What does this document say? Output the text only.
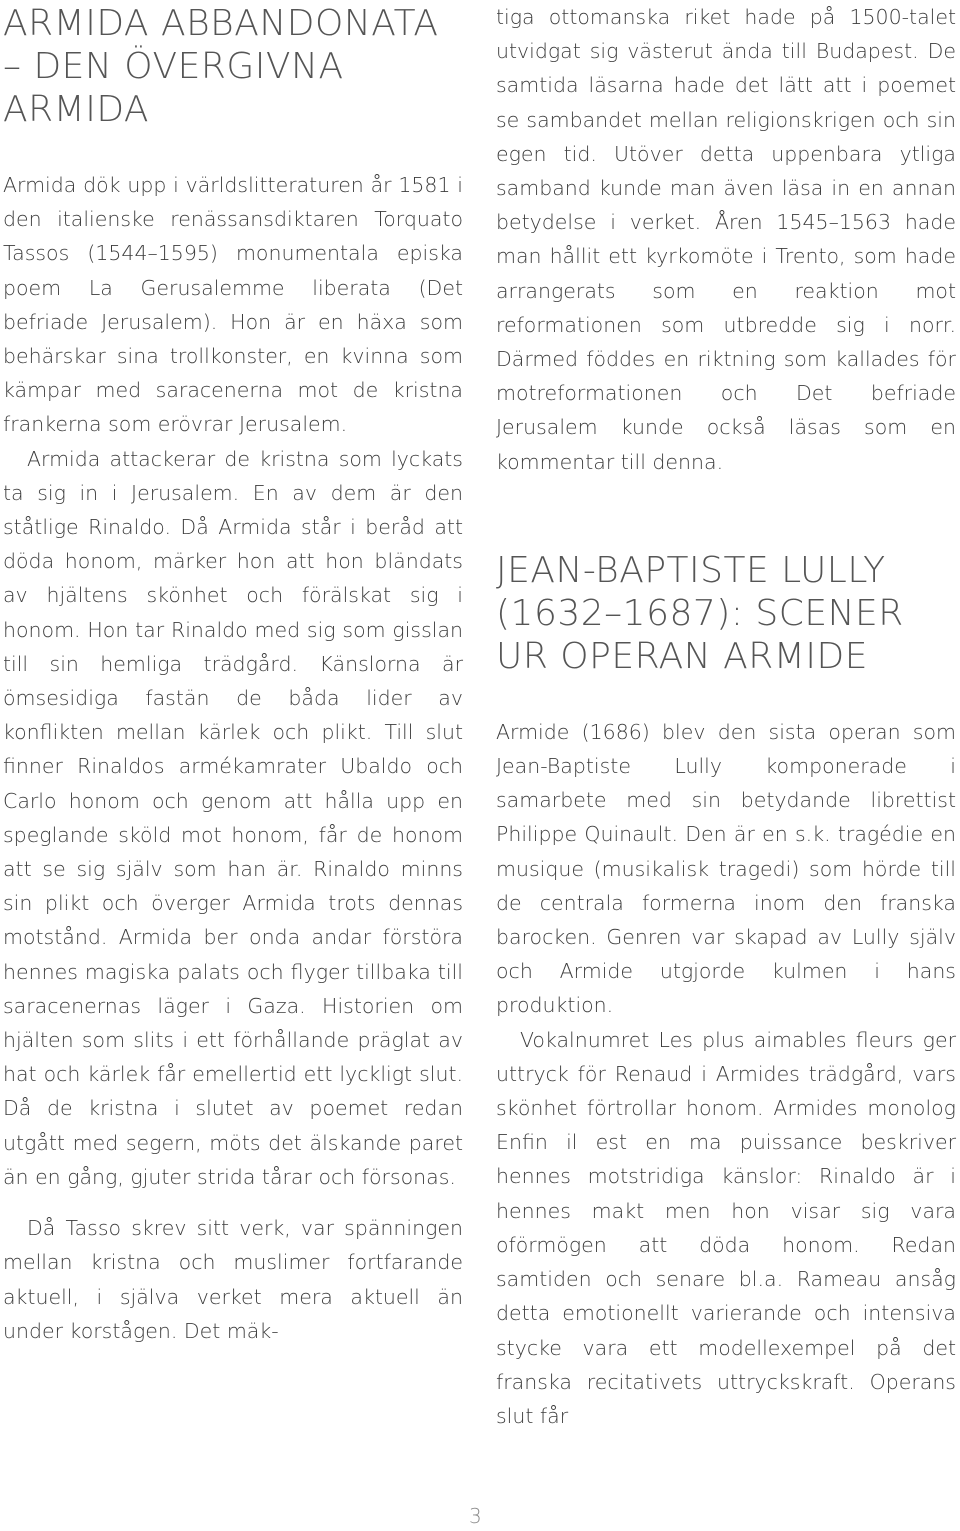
ARMIDA ABBANDONATA – DEN ÖVERGIVNA ARMIDA

Armida dök upp i världslitteraturen år 1581 i den italienske renässansdiktaren Torquato Tassos (1544–1595) monumentala episka poem La Gerusalemme liberata (Det befriade Jerusalem). Hon är en häxa som behärskar sina trollkonster, en kvinna som kämpar med saracenerna mot de kristna frankerna som erövrar Jerusalem.

Armida attackerar de kristna som lyckats ta sig in i Jerusalem. En av dem är den ståtlige Rinaldo. Då Armida står i beråd att döda honom, märker hon att hon bländats av hjältens skönhet och förälskat sig i honom. Hon tar Rinaldo med sig som gisslan till sin hemliga trädgård. Känslorna är ömsesidiga fastän de båda lider av konflikten mellan kärlek och plikt. Till slut finner Rinaldos armékamrater Ubaldo och Carlo honom och genom att hålla upp en speglande sköld mot honom, får de honom att se sig själv som han är. Rinaldo minns sin plikt och överger Armida trots dennas motstånd. Armida ber onda andar förstöra hennes magiska palats och flyger tillbaka till saracenernas läger i Gaza. Historien om hjälten som slits i ett förhållande präglat av hat och kärlek får emellertid ett lyckligt slut. Då de kristna i slutet av poemet redan utgått med segern, möts det älskande paret än en gång, gjuter strida tårar och försonas.

Då Tasso skrev sitt verk, var spänningen mellan kristna och muslimer fortfarande aktuell, i själva verket mera aktuell än under korstågen. Det mäk-

tiga ottomanska riket hade på 1500-talet utvidgat sig västerut ända till Budapest. De samtida läsarna hade det lätt att i poemet se sambandet mellan religionskrigen och sin egen tid. Utöver detta uppenbara ytliga samband kunde man även läsa in en annan betydelse i verket. Åren 1545–1563 hade man hållit ett kyrkomöte i Trento, som hade arrangerats som en reaktion mot reformationen som utbredde sig i norr. Därmed föddes en riktning som kallades för motreformationen och Det befriade Jerusalem kunde också läsas som en kommentar till denna.

JEAN-BAPTISTE LULLY (1632–1687): SCENER UR OPERAN ARMIDE

Armide (1686) blev den sista operan som Jean-Baptiste Lully komponerade i samarbete med sin betydande librettist Philippe Quinault. Den är en s.k. tragédie en musique (musikalisk tragedi) som hörde till de centrala formerna inom den franska barocken. Genren var skapad av Lully själv och Armide utgjorde kulmen i hans produktion.

Vokalnumret Les plus aimables fleurs ger uttryck för Renaud i Armides trädgård, vars skönhet förtrollar honom. Armides monolog Enfin il est en ma puissance beskriver hennes motstridiga känslor: Rinaldo är i hennes makt men hon visar sig vara oförmögen att döda honom. Redan samtiden och senare bl.a. Rameau ansåg detta emotionellt varierande och intensiva stycke vara ett modellexempel på det franska recitativets uttryckskraft. Operans slut får

3
